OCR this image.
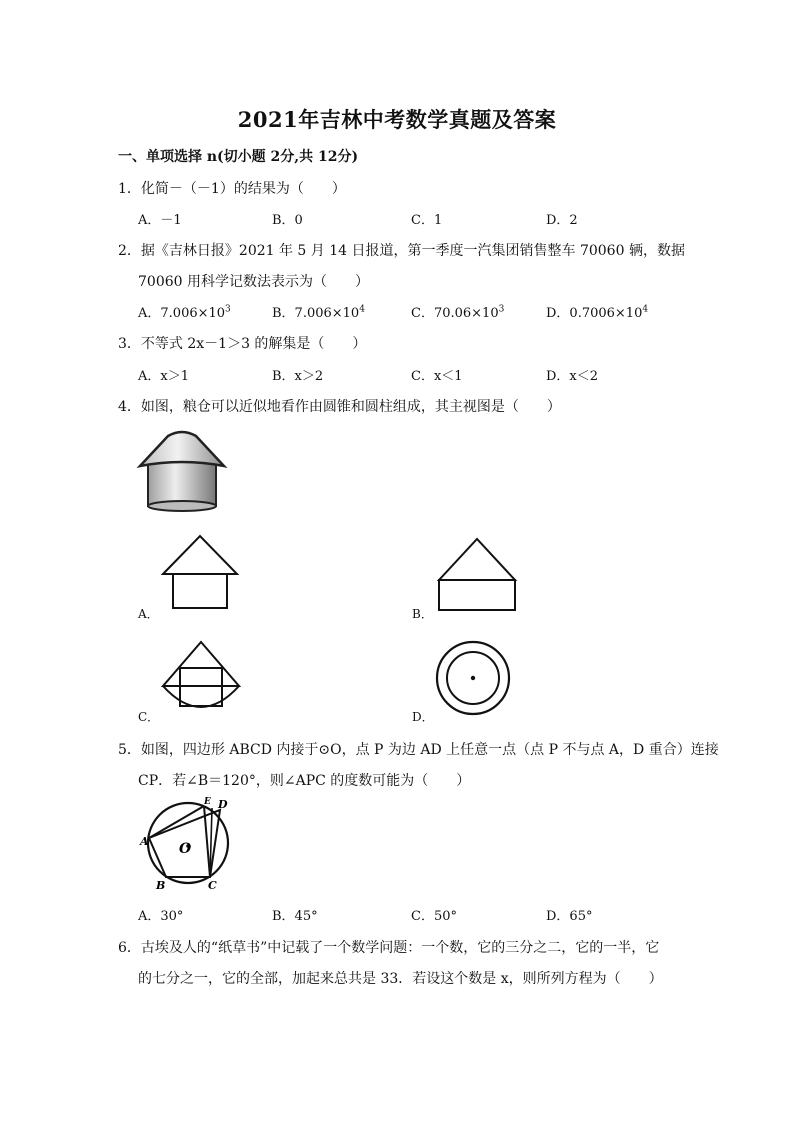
2021年吉林中考数学真题及答案
一、单项选择 n(切小题 2分,共 12分)
1．化简－（－1）的结果为（　　）
A．－1	B．0	C．1	D．2
2．据《吉林日报》2021 年 5 月 14 日报道，第一季度一汽集团销售整车 70060 辆，数据
70060 用科学记数法表示为（　　）
A．$7.006\times 10^3$	B．$7.006\times 10^4$	C．$70.06\times 10^3$	D．$0.7006\times 10^4$
3．不等式 2x－1＞3 的解集是（　　）
A．x＞1	B．x＞2	C．x＜1	D．x＜2
4．如图，粮仓可以近似地看作由圆锥和圆柱组成，其主视图是（　　）
A．	B．
C．	D．
5．如图，四边形 ABCD 内接于⊙O，点 P 为边 AD 上任意一点（点 P 不与点 A，D 重合）连接
CP．若∠B＝120°，则∠APC 的度数可能为（　　）
A
B	C
D
E
O
A．30°	B．45°	C．50°	D．65°
6．古埃及人的“纸草书”中记载了一个数学问题：一个数，它的三分之二，它的一半，它
的七分之一，它的全部，加起来总共是 33．若设这个数是 x，则所列方程为（　　）
